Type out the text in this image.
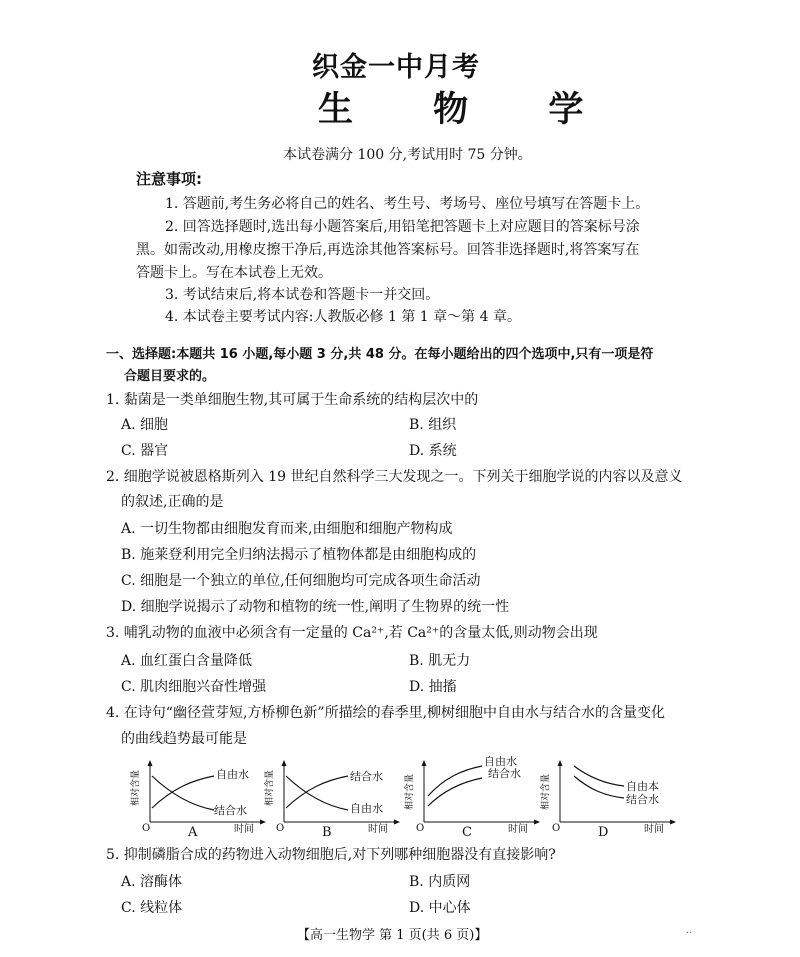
织金一中月考
生 物 学
本试卷满分 100 分,考试用时 75 分钟。
注意事项:
1. 答题前,考生务必将自己的姓名、考生号、考场号、座位号填写在答题卡上。
2. 回答选择题时,选出每小题答案后,用铅笔把答题卡上对应题目的答案标号涂
黑。如需改动,用橡皮擦干净后,再选涂其他答案标号。回答非选择题时,将答案写在
答题卡上。写在本试卷上无效。
3. 考试结束后,将本试卷和答题卡一并交回。
4. 本试卷主要考试内容:人教版必修 1 第 1 章～第 4 章。
一、选择题:本题共 16 小题,每小题 3 分,共 48 分。在每小题给出的四个选项中,只有一项是符
合题目要求的。
1. 黏菌是一类单细胞生物,其可属于生命系统的结构层次中的
A. 细胞	B. 组织
C. 器官	D. 系统
2. 细胞学说被恩格斯列入 19 世纪自然科学三大发现之一。下列关于细胞学说的内容以及意义
的叙述,正确的是
A. 一切生物都由细胞发育而来,由细胞和细胞产物构成
B. 施莱登利用完全归纳法揭示了植物体都是由细胞构成的
C. 细胞是一个独立的单位,任何细胞均可完成各项生命活动
D. 细胞学说揭示了动物和植物的统一性,阐明了生物界的统一性
3. 哺乳动物的血液中必须含有一定量的 Ca²⁺,若 Ca²⁺的含量太低,则动物会出现
A. 血红蛋白含量降低	B. 肌无力
C. 肌肉细胞兴奋性增强	D. 抽搐
4. 在诗句“幽径萱芽短,方桥柳色新”所描绘的春季里,柳树细胞中自由水与结合水的含量变化
的曲线趋势最可能是
相对含量
O	时间
自由水
结合水
A
相对含量
O	时间
结合水
自由水
B
相对含量
O	时间
自由水
结合水
C
相对含量
O	时间
自由本
结合水
D
5. 抑制磷脂合成的药物进入动物细胞后,对下列哪种细胞器没有直接影响?
A. 溶酶体	B. 内质网
C. 线粒体	D. 中心体
【高一生物学 第 1 页(共 6 页)】	··
